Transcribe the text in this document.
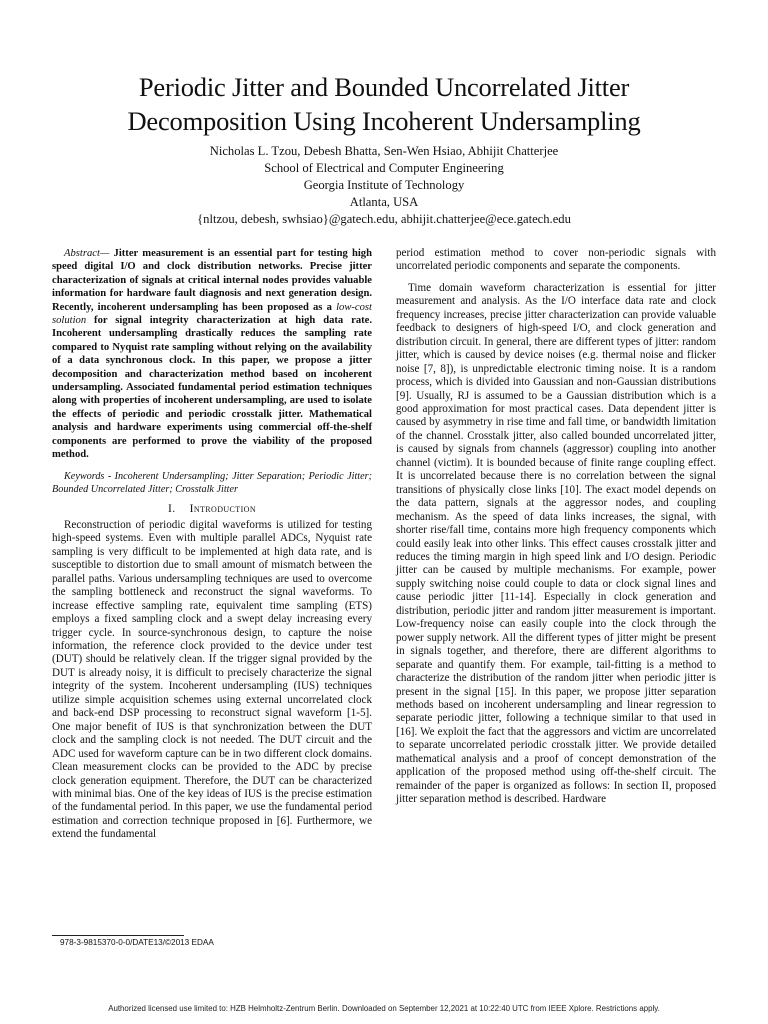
Periodic Jitter and Bounded Uncorrelated Jitter
Decomposition Using Incoherent Undersampling
Nicholas L. Tzou, Debesh Bhatta, Sen-Wen Hsiao, Abhijit Chatterjee
School of Electrical and Computer Engineering
Georgia Institute of Technology
Atlanta, USA
{nltzou, debesh, swhsiao}@gatech.edu, abhijit.chatterjee@ece.gatech.edu

Abstract— Jitter measurement is an essential part for testing high speed digital I/O and clock distribution networks. Precise jitter characterization of signals at critical internal nodes provides valuable information for hardware fault diagnosis and next generation design. Recently, incoherent undersampling has been proposed as a low-cost solution for signal integrity characterization at high data rate. Incoherent undersampling drastically reduces the sampling rate compared to Nyquist rate sampling without relying on the availability of a data synchronous clock. In this paper, we propose a jitter decomposition and characterization method based on incoherent undersampling. Associated fundamental period estimation techniques along with properties of incoherent undersampling, are used to isolate the effects of periodic and periodic crosstalk jitter. Mathematical analysis and hardware experiments using commercial off-the-shelf components are performed to prove the viability of the proposed method.

Keywords - Incoherent Undersampling; Jitter Separation; Periodic Jitter; Bounded Uncorrelated Jitter; Crosstalk Jitter

I. Introduction

Reconstruction of periodic digital waveforms is utilized for testing high-speed systems. Even with multiple parallel ADCs, Nyquist rate sampling is very difficult to be implemented at high data rate, and is susceptible to distortion due to small amount of mismatch between the parallel paths. Various undersampling techniques are used to overcome the sampling bottleneck and reconstruct the signal waveforms. To increase effective sampling rate, equivalent time sampling (ETS) employs a fixed sampling clock and a swept delay increasing every trigger cycle. In source-synchronous design, to capture the noise information, the reference clock provided to the device under test (DUT) should be relatively clean. If the trigger signal provided by the DUT is already noisy, it is difficult to precisely characterize the signal integrity of the system. Incoherent undersampling (IUS) techniques utilize simple acquisition schemes using external uncorrelated clock and back-end DSP processing to reconstruct signal waveform [1-5]. One major benefit of IUS is that synchronization between the DUT clock and the sampling clock is not needed. The DUT circuit and the ADC used for waveform capture can be in two different clock domains. Clean measurement clocks can be provided to the ADC by precise clock generation equipment. Therefore, the DUT can be characterized with minimal bias. One of the key ideas of IUS is the precise estimation of the fundamental period. In this paper, we use the fundamental period estimation and correction technique proposed in [6]. Furthermore, we extend the fundamental

period estimation method to cover non-periodic signals with uncorrelated periodic components and separate the components.

Time domain waveform characterization is essential for jitter measurement and analysis. As the I/O interface data rate and clock frequency increases, precise jitter characterization can provide valuable feedback to designers of high-speed I/O, and clock generation and distribution circuit. In general, there are different types of jitter: random jitter, which is caused by device noises (e.g. thermal noise and flicker noise [7, 8]), is unpredictable electronic timing noise. It is a random process, which is divided into Gaussian and non-Gaussian distributions [9]. Usually, RJ is assumed to be a Gaussian distribution which is a good approximation for most practical cases. Data dependent jitter is caused by asymmetry in rise time and fall time, or bandwidth limitation of the channel. Crosstalk jitter, also called bounded uncorrelated jitter, is caused by signals from channels (aggressor) coupling into another channel (victim). It is bounded because of finite range coupling effect. It is uncorrelated because there is no correlation between the signal transitions of physically close links [10]. The exact model depends on the data pattern, signals at the aggressor nodes, and coupling mechanism. As the speed of data links increases, the signal, with shorter rise/fall time, contains more high frequency components which could easily leak into other links. This effect causes crosstalk jitter and reduces the timing margin in high speed link and I/O design. Periodic jitter can be caused by multiple mechanisms. For example, power supply switching noise could couple to data or clock signal lines and cause periodic jitter [11-14]. Especially in clock generation and distribution, periodic jitter and random jitter measurement is important. Low-frequency noise can easily couple into the clock through the power supply network. All the different types of jitter might be present in signals together, and therefore, there are different algorithms to separate and quantify them. For example, tail-fitting is a method to characterize the distribution of the random jitter when periodic jitter is present in the signal [15]. In this paper, we propose jitter separation methods based on incoherent undersampling and linear regression to separate periodic jitter, following a technique similar to that used in [16]. We exploit the fact that the aggressors and victim are uncorrelated to separate uncorrelated periodic crosstalk jitter. We provide detailed mathematical analysis and a proof of concept demonstration of the application of the proposed method using off-the-shelf circuit. The remainder of the paper is organized as follows: In section II, proposed jitter separation method is described. Hardware

978-3-9815370-0-0/DATE13/©2013 EDAA
Authorized licensed use limited to: HZB Helmholtz-Zentrum Berlin. Downloaded on September 12,2021 at 10:22:40 UTC from IEEE Xplore. Restrictions apply.
